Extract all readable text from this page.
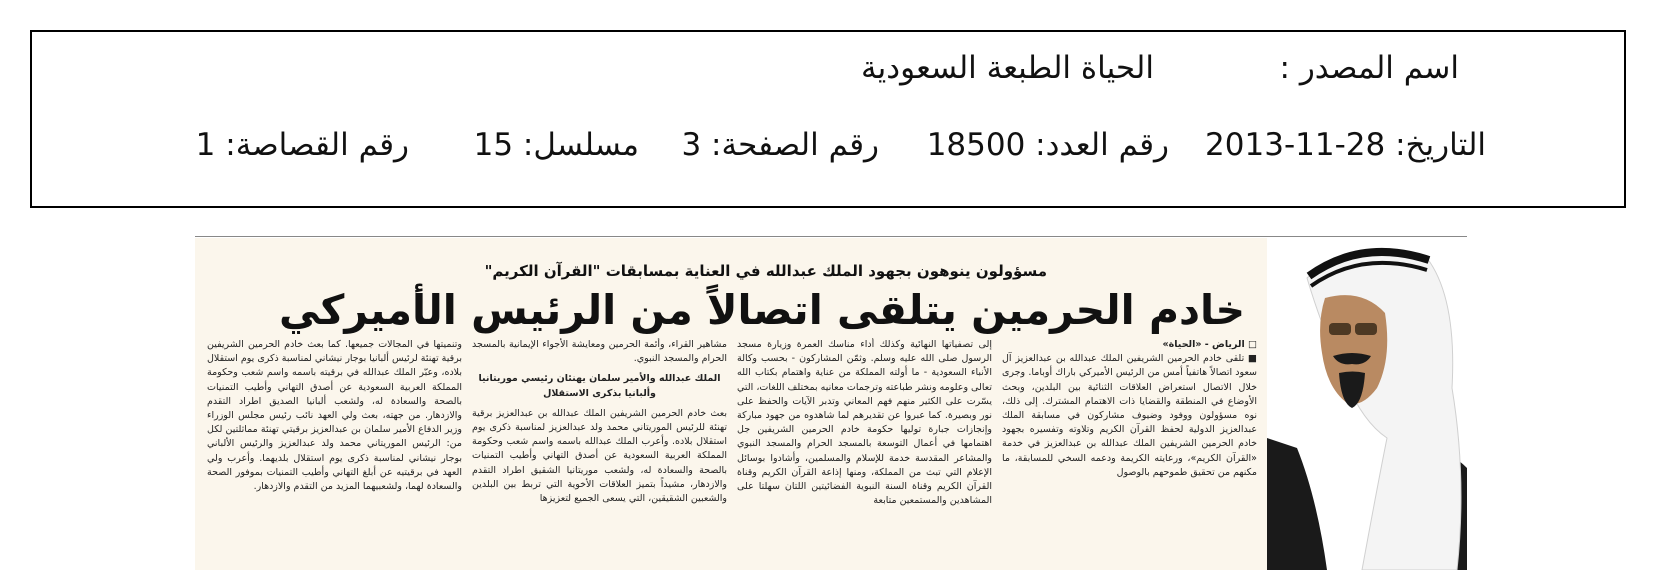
اسم المصدر :
الحياة الطبعة السعودية
التاريخ: 28-11-2013
رقم العدد: 18500
رقم الصفحة: 3
مسلسل: 15
رقم القصاصة: 1
مسؤولون ينوهون بجهود الملك عبدالله في العناية بمسابقات "القرآن الكريم"
خادم الحرمين يتلقى اتصالاً من الرئيس الأميركي
□ الرياض - «الحياة»
■ تلقى خادم الحرمين الشريفين الملك عبدالله بن عبدالعزيز آل سعود اتصالاً هاتفياً أمس من الرئيس الأميركي باراك أوباما. وجرى خلال الاتصال استعراض العلاقات الثنائية بين البلدين، وبحث الأوضاع في المنطقة والقضايا ذات الاهتمام المشترك. إلى ذلك، نوه مسؤولون ووفود وضيوف مشاركون في مسابقة الملك عبدالعزيز الدولية لحفظ القرآن الكريم وتلاوته وتفسيره بجهود خادم الحرمين الشريفين الملك عبدالله بن عبدالعزيز في خدمة «القرآن الكريم»، ورعايته الكريمة ودعمه السخي للمسابقة، ما مكنهم من تحقيق طموحهم بالوصول
إلى تصفياتها النهائية وكذلك أداء مناسك العمرة وزيارة مسجد الرسول صلى الله عليه وسلم. وثمّن المشاركون - بحسب وكالة الأنباء السعودية - ما أولته المملكة من عناية واهتمام بكتاب الله تعالى وعلومه ونشر طباعته وترجمات معانيه بمختلف اللغات، التي يسّرت على الكثير منهم فهم المعاني وتدبر الآيات والحفظ على نور وبصيرة. كما عبروا عن تقديرهم لما شاهدوه من جهود مباركة وإنجازات جبارة توليها حكومة خادم الحرمين الشريفين جل اهتمامها في أعمال التوسعة بالمسجد الحرام والمسجد النبوي والمشاعر المقدسة خدمة للإسلام والمسلمين، وأشادوا بوسائل الإعلام التي تبث من المملكة، ومنها إذاعة القرآن الكريم وقناة القرآن الكريم وقناة السنة النبوية الفضائيتين اللتان سهلتا على المشاهدين والمستمعين متابعة
مشاهير القراء، وأئمة الحرمين ومعايشة الأجواء الإيمانية بالمسجد الحرام والمسجد النبوي.
الملك عبدالله والأمير سلمان يهنئان رئيسي موريتانيا وألبانيا بذكرى الاستقلال
بعث خادم الحرمين الشريفين الملك عبدالله بن عبدالعزيز برقية تهنئة للرئيس الموريتاني محمد ولد عبدالعزيز لمناسبة ذكرى يوم استقلال بلاده. وأعرب الملك عبدالله باسمه واسم شعب وحكومة المملكة العربية السعودية عن أصدق التهاني وأطيب التمنيات بالصحة والسعادة له، ولشعب موريتانيا الشقيق اطراد التقدم والازدهار، مشيداً بتميز العلاقات الأخوية التي تربط بين البلدين والشعبين الشقيقين، التي يسعى الجميع لتعزيزها
وتنميتها في المجالات جميعها. كما بعث خادم الحرمين الشريفين برقية تهنئة لرئيس ألبانيا بوجار نيشاني لمناسبة ذكرى يوم استقلال بلاده، وعبّر الملك عبدالله في برقيته باسمه واسم شعب وحكومة المملكة العربية السعودية عن أصدق التهاني وأطيب التمنيات بالصحة والسعادة له، ولشعب ألبانيا الصديق اطراد التقدم والازدهار. من جهته، بعث ولي العهد نائب رئيس مجلس الوزراء وزير الدفاع الأمير سلمان بن عبدالعزيز برقيتي تهنئة مماثلتين لكل من: الرئيس الموريتاني محمد ولد عبدالعزيز والرئيس الألباني بوجار نيشاني لمناسبة ذكرى يوم استقلال بلديهما. وأعرب ولي العهد في برقيتيه عن أبلغ التهاني وأطيب التمنيات بموفور الصحة والسعادة لهما، ولشعبيهما المزيد من التقدم والازدهار.
